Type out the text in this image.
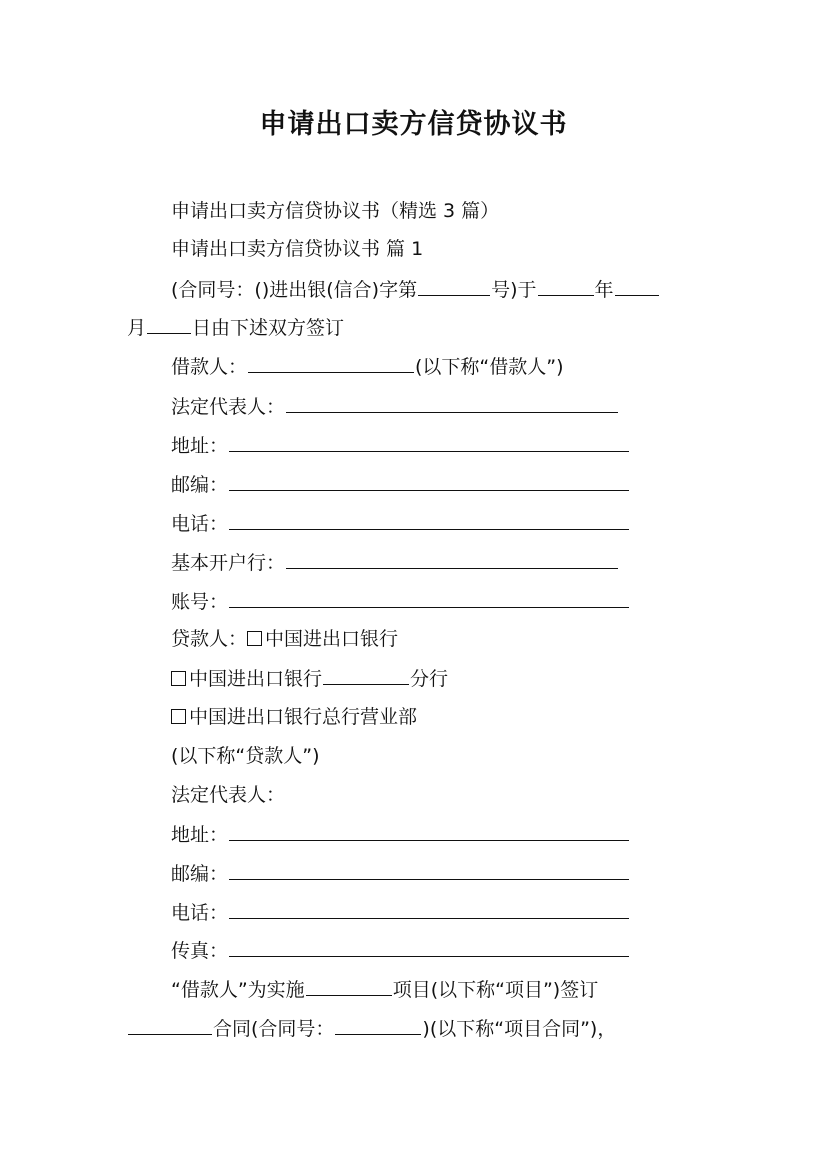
申请出口卖方信贷协议书
申请出口卖方信贷协议书（精选 3 篇）
申请出口卖方信贷协议书 篇 1
(合同号：()进出银(信合)字第	号)于	年
月 日由下述双方签订
借款人：	(以下称“借款人”)
法定代表人：
地址：
邮编：
电话：
基本开户行：
账号：
贷款人： 中国进出口银行
中国进出口银行	分行
中国进出口银行总行营业部
(以下称“贷款人”)
法定代表人：
地址：
邮编：
电话：
传真：
“借款人”为实施	项目(以下称“项目”)签订
合同(合同号：	)(以下称“项目合同”)，
